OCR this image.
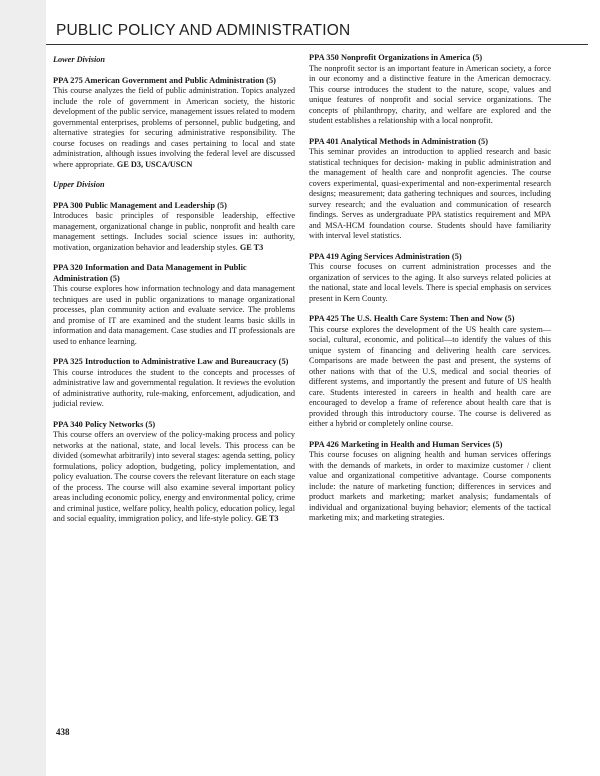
PUBLIC POLICY AND ADMINISTRATION
Lower Division
PPA 275 American Government and Public Administration (5)
This course analyzes the field of public administration. Topics analyzed include the role of government in American society, the historic development of the public service, management issues related to modern governmental enterprises, problems of personnel, public budgeting, and alternative strategies for securing administrative responsibility. The course focuses on readings and cases pertaining to local and state administration, although issues involving the federal level are discussed where appropriate. GE D3, USCA/USCN
Upper Division
PPA 300 Public Management and Leadership (5)
Introduces basic principles of responsible leadership, effective management, organizational change in public, nonprofit and health care management settings. Includes social science issues in: authority, motivation, organization behavior and leadership styles. GE T3
PPA 320 Information and Data Management in Public Administration (5)
This course explores how information technology and data management techniques are used in public organizations to manage organizational processes, plan community action and evaluate service. The problems and promise of IT are examined and the student learns basic skills in information and data management. Case studies and IT professionals are used to enhance learning.
PPA 325 Introduction to Administrative Law and Bureaucracy (5)
This course introduces the student to the concepts and processes of administrative law and governmental regulation. It reviews the evolution of administrative authority, rule-making, enforcement, adjudication, and judicial review.
PPA 340 Policy Networks (5)
This course offers an overview of the policy-making process and policy networks at the national, state, and local levels. This process can be divided (somewhat arbitrarily) into several stages: agenda setting, policy formulations, policy adoption, budgeting, policy implementation, and policy evaluation. The course covers the relevant literature on each stage of the process. The course will also examine several important policy areas including economic policy, energy and environmental policy, crime and criminal justice, welfare policy, health policy, education policy, legal and social equality, immigration policy, and life-style policy. GE T3
PPA 350 Nonprofit Organizations in America (5)
The nonprofit sector is an important feature in American society, a force in our economy and a distinctive feature in the American democracy. This course introduces the student to the nature, scope, values and unique features of nonprofit and social service organizations. The concepts of philanthropy, charity, and welfare are explored and the student establishes a relationship with a local nonprofit.
PPA 401 Analytical Methods in Administration (5)
This seminar provides an introduction to applied research and basic statistical techniques for decision- making in public administration and the management of health care and nonprofit agencies. The course covers experimental, quasi-experimental and non-experimental research designs; measurement; data gathering techniques and sources, including survey research; and the evaluation and communication of research findings. Serves as undergraduate PPA statistics requirement and MPA and MSA-HCM foundation course. Students should have familiarity with interval level statistics.
PPA 419 Aging Services Administration (5)
This course focuses on current administration processes and the organization of services to the aging. It also surveys related policies at the national, state and local levels. There is special emphasis on services present in Kern County.
PPA 425 The U.S. Health Care System: Then and Now (5)
This course explores the development of the US health care system—social, cultural, economic, and political—to identify the values of this unique system of financing and delivering health care services. Comparisons are made between the past and present, the systems of other nations with that of the U.S, medical and social theories of different systems, and importantly the present and future of US health care. Students interested in careers in health and health care are encouraged to develop a frame of reference about health care that is provided through this introductory course. The course is delivered as either a hybrid or completely online course.
PPA 426 Marketing in Health and Human Services (5)
This course focuses on aligning health and human services offerings with the demands of markets, in order to maximize customer / client value and organizational competitive advantage. Course components include: the nature of marketing function; differences in services and product markets and marketing; market analysis; fundamentals of individual and organizational buying behavior; elements of the tactical marketing mix; and marketing strategies.
438
